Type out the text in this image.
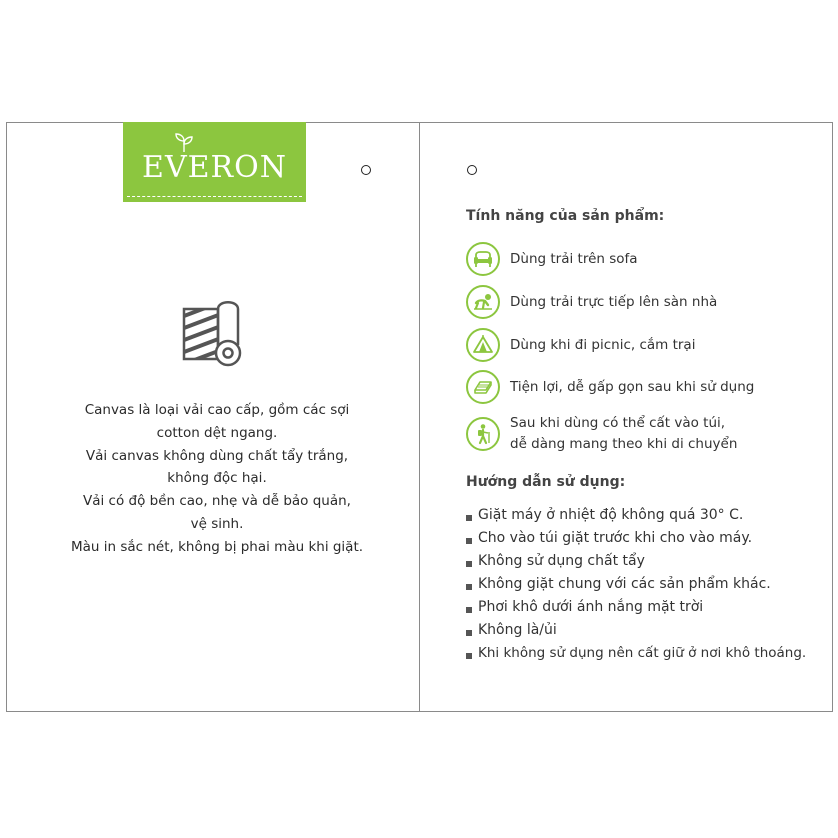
EVERON
Canvas là loại vải cao cấp, gồm các sợi
cotton dệt ngang.
Vải canvas không dùng chất tẩy trắng,
không độc hại.
Vải có độ bền cao, nhẹ và dễ bảo quản,
vệ sinh.
Màu in sắc nét, không bị phai màu khi giặt.
Tính năng của sản phẩm:
Dùng trải trên sofa
Dùng trải trực tiếp lên sàn nhà
Dùng khi đi picnic, cắm trại
Tiện lợi, dễ gấp gọn sau khi sử dụng
Sau khi dùng có thể cất vào túi,
dễ dàng mang theo khi di chuyển
Hướng dẫn sử dụng:
Giặt máy ở nhiệt độ không quá 30° C.
Cho vào túi giặt trước khi cho vào máy.
Không sử dụng chất tẩy
Không giặt chung với các sản phẩm khác.
Phơi khô dưới ánh nắng mặt trời
Không là/ủi
Khi không sử dụng nên cất giữ ở nơi khô thoáng.
